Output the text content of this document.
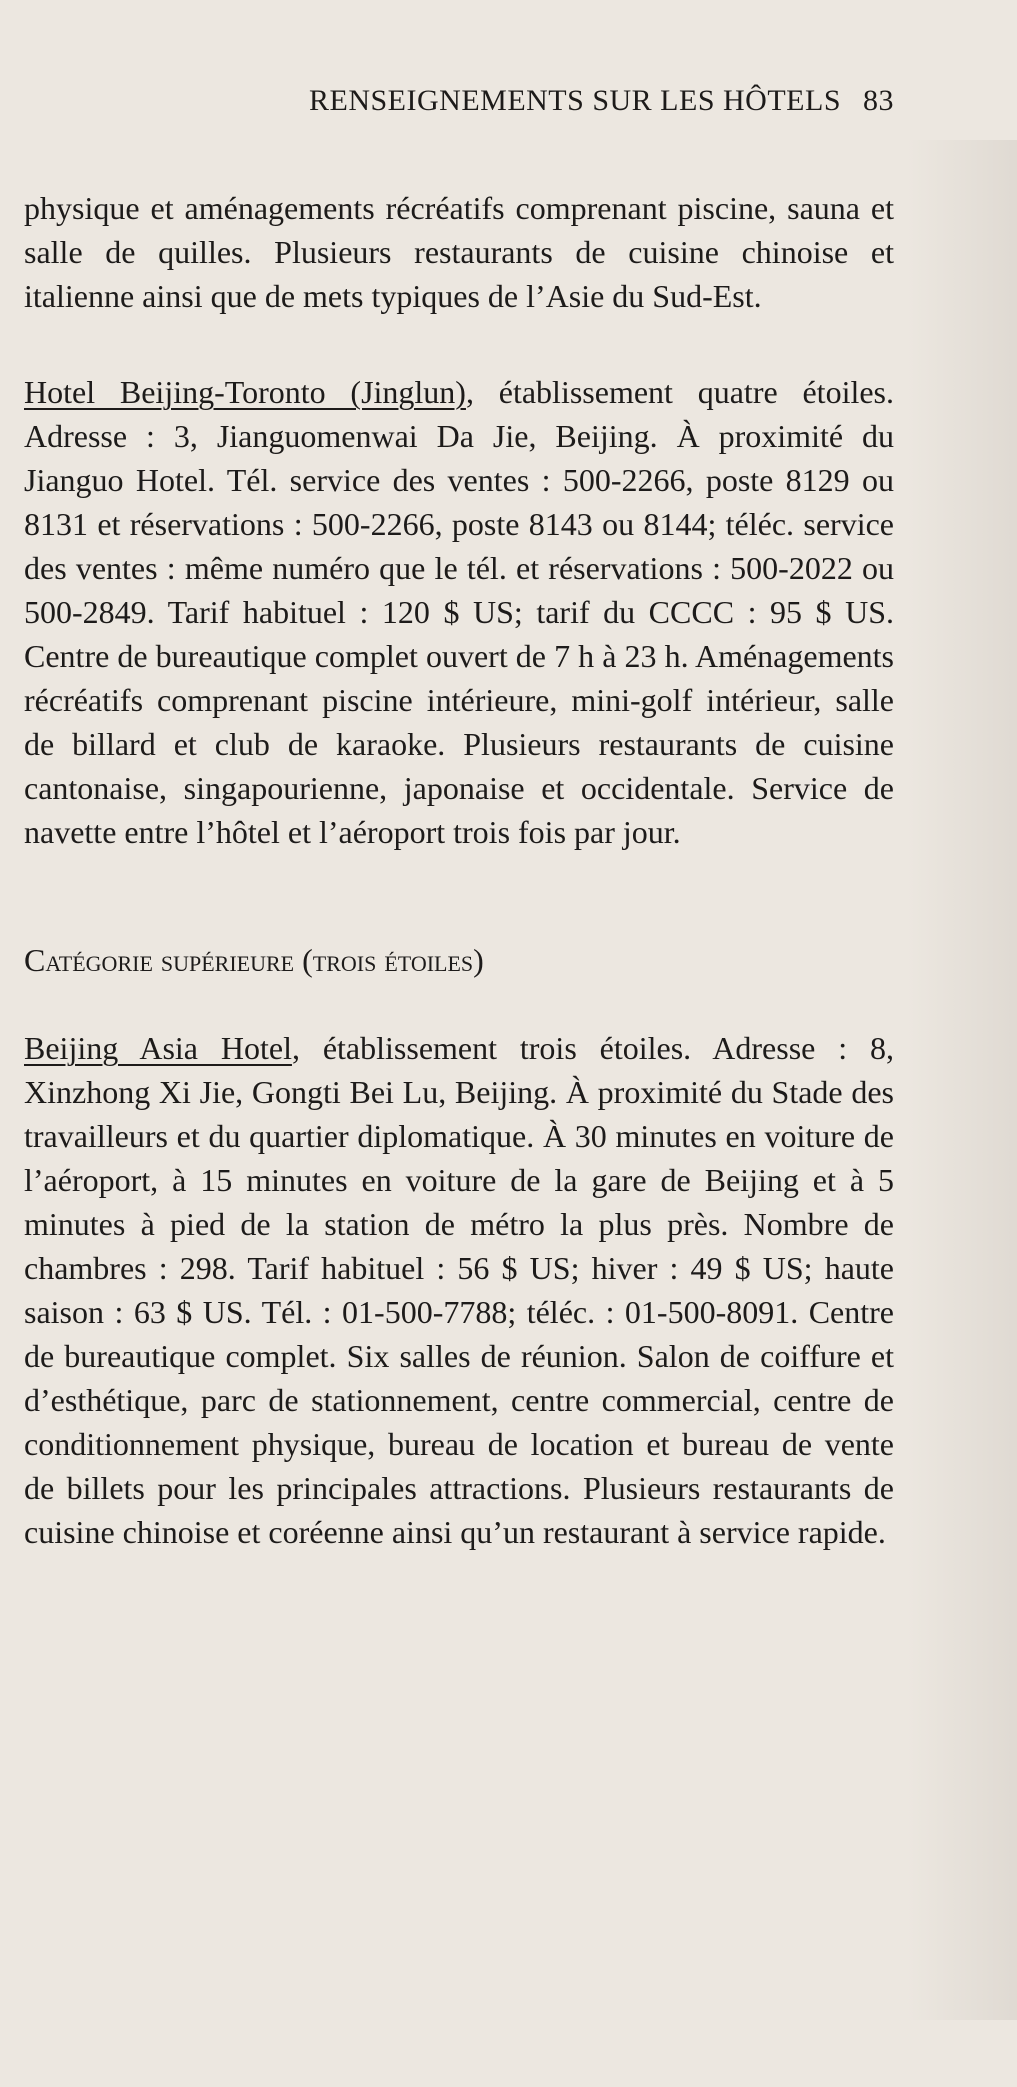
RENSEIGNEMENTS SUR LES HÔTELS 83

physique et aménagements récréatifs comprenant piscine, sauna et salle de quilles. Plusieurs restaurants de cuisine chinoise et italienne ainsi que de mets typiques de l’Asie du Sud-Est.

Hotel Beijing-Toronto (Jinglun), établissement quatre étoiles. Adresse : 3, Jianguomenwai Da Jie, Beijing. À proximité du Jianguo Hotel. Tél. service des ventes : 500-2266, poste 8129 ou 8131 et réservations : 500-2266, poste 8143 ou 8144; téléc. service des ventes : même numéro que le tél. et réservations : 500-2022 ou 500-2849. Tarif habituel : 120 $ US; tarif du CCCC : 95 $ US. Centre de bureautique complet ouvert de 7 h à 23 h. Aménagements récréatifs comprenant piscine intérieure, mini-golf intérieur, salle de billard et club de karaoke. Plusieurs restaurants de cuisine cantonaise, singapourienne, japonaise et occidentale. Service de navette entre l’hôtel et l’aéroport trois fois par jour.

Catégorie supérieure (trois étoiles)

Beijing Asia Hotel, établissement trois étoiles. Adresse : 8, Xinzhong Xi Jie, Gongti Bei Lu, Beijing. À proximité du Stade des travailleurs et du quartier diplomatique. À 30 minutes en voiture de l’aéroport, à 15 minutes en voiture de la gare de Beijing et à 5 minutes à pied de la station de métro la plus près. Nombre de chambres : 298. Tarif habituel : 56 $ US; hiver : 49 $ US; haute saison : 63 $ US. Tél. : 01-500-7788; téléc. : 01-500-8091. Centre de bureautique complet. Six salles de réunion. Salon de coiffure et d’esthétique, parc de stationnement, centre commercial, centre de conditionnement physique, bureau de location et bureau de vente de billets pour les principales attractions. Plusieurs restaurants de cuisine chinoise et coréenne ainsi qu’un restaurant à service rapide.
